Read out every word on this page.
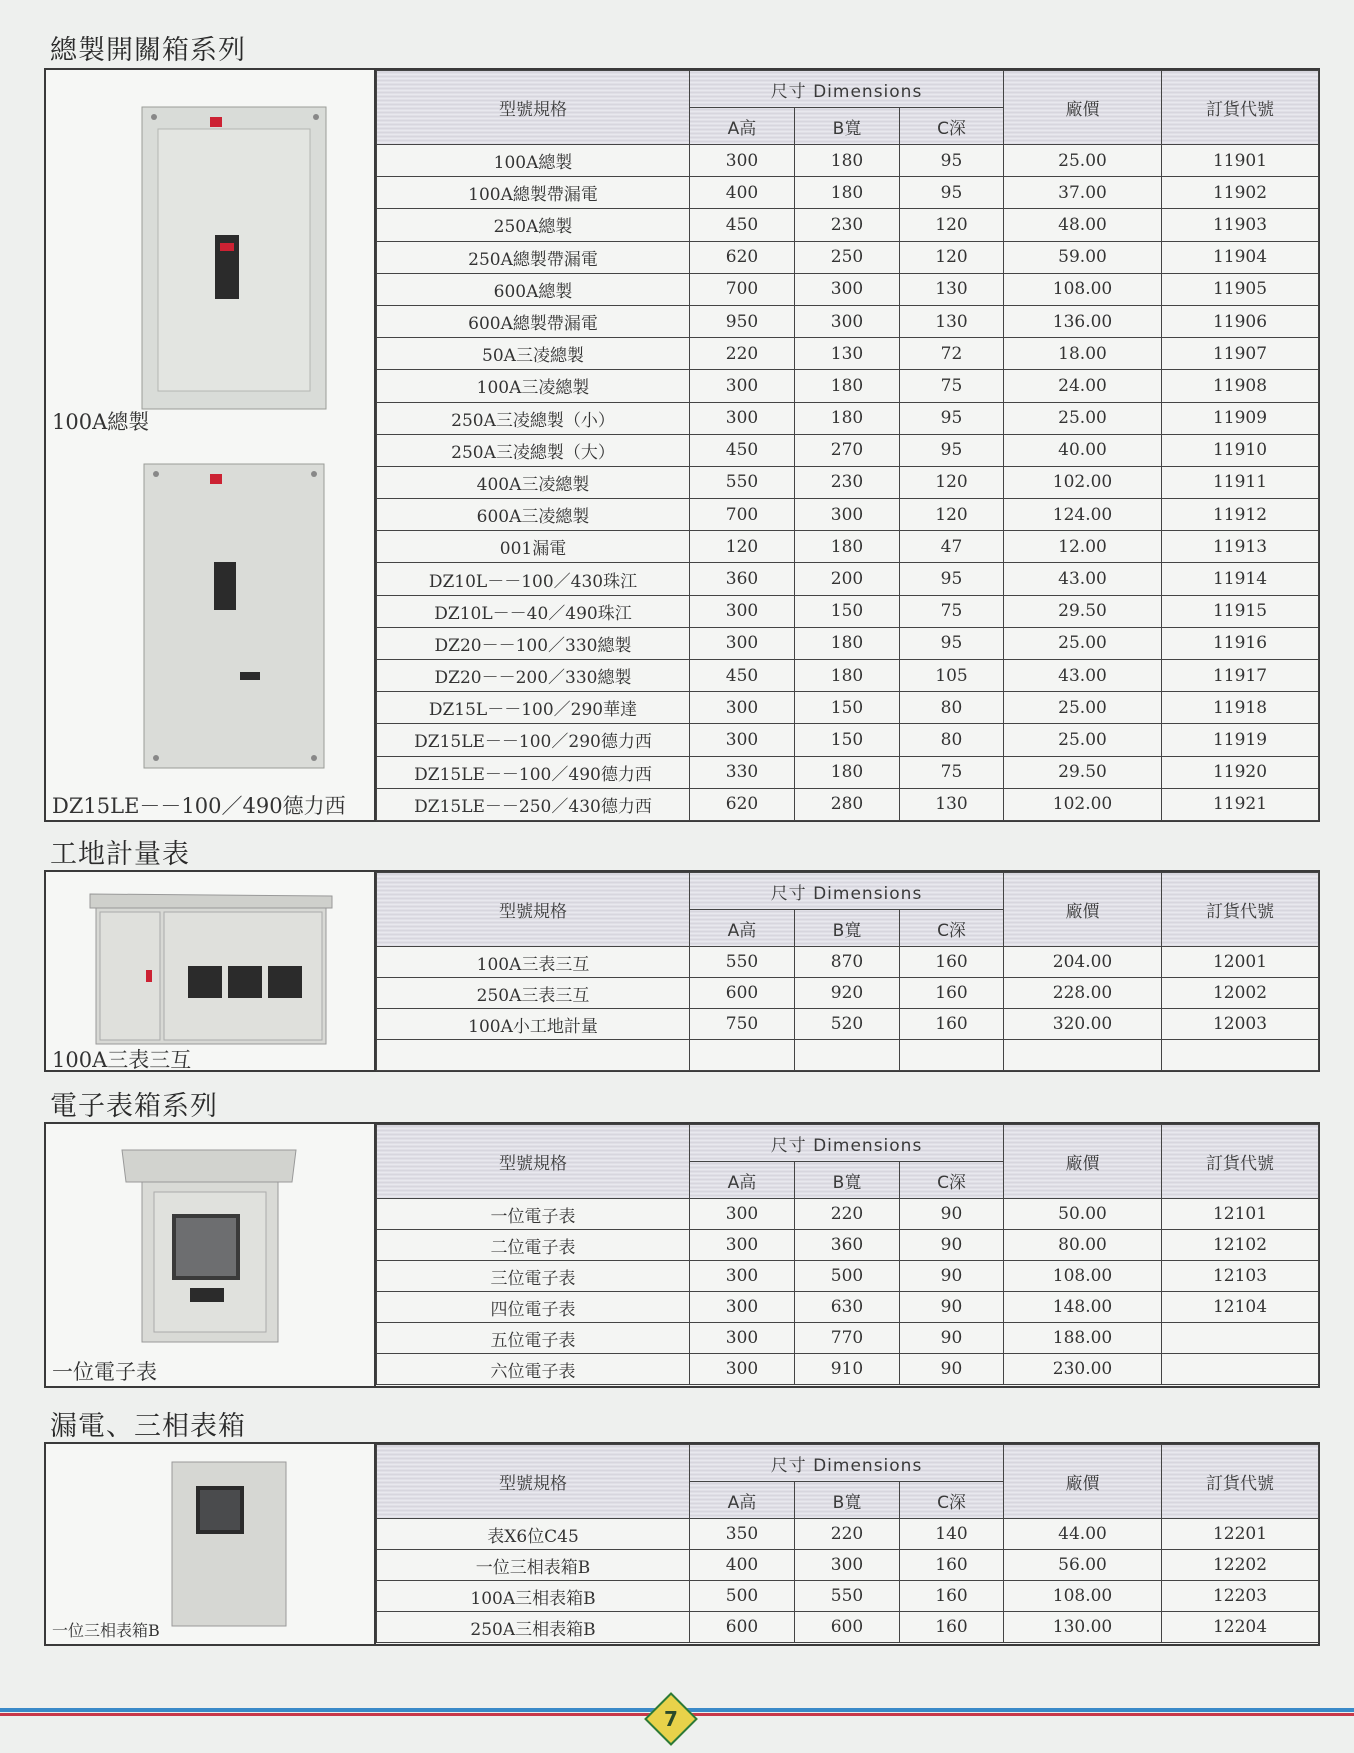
總製開關箱系列
100A總製
DZ15LE－－100／490德力西
型號規格	尺寸 Dimensions			廠價	訂貨代號
	A高	B寬	C深		
100A總製	300	180	95	25.00	11901
100A總製帶漏電	400	180	95	37.00	11902
250A總製	450	230	120	48.00	11903
250A總製帶漏電	620	250	120	59.00	11904
600A總製	700	300	130	108.00	11905
600A總製帶漏電	950	300	130	136.00	11906
50A三凌總製	220	130	72	18.00	11907
100A三凌總製	300	180	75	24.00	11908
250A三凌總製（小）	300	180	95	25.00	11909
250A三凌總製（大）	450	270	95	40.00	11910
400A三凌總製	550	230	120	102.00	11911
600A三凌總製	700	300	120	124.00	11912
001漏電	120	180	47	12.00	11913
DZ10L－－100／430珠江	360	200	95	43.00	11914
DZ10L－－40／490珠江	300	150	75	29.50	11915
DZ20－－100／330總製	300	180	95	25.00	11916
DZ20－－200／330總製	450	180	105	43.00	11917
DZ15L－－100／290華達	300	150	80	25.00	11918
DZ15LE－－100／290德力西	300	150	80	25.00	11919
DZ15LE－－100／490德力西	330	180	75	29.50	11920
DZ15LE－－250／430德力西	620	280	130	102.00	11921
工地計量表
100A三表三互
型號規格	尺寸 Dimensions			廠價	訂貨代號
	A高	B寬	C深		
100A三表三互	550	870	160	204.00	12001
250A三表三互	600	920	160	228.00	12002
100A小工地計量	750	520	160	320.00	12003

電子表箱系列
一位電子表
型號規格	尺寸 Dimensions			廠價	訂貨代號
	A高	B寬	C深		
一位電子表	300	220	90	50.00	12101
二位電子表	300	360	90	80.00	12102
三位電子表	300	500	90	108.00	12103
四位電子表	300	630	90	148.00	12104
五位電子表	300	770	90	188.00	
六位電子表	300	910	90	230.00	
漏電、三相表箱
一位三相表箱B
型號規格	尺寸 Dimensions			廠價	訂貨代號
	A高	B寬	C深		
表X6位C45	350	220	140	44.00	12201
一位三相表箱B	400	300	160	56.00	12202
100A三相表箱B	500	550	160	108.00	12203
250A三相表箱B	600	600	160	130.00	12204
7
